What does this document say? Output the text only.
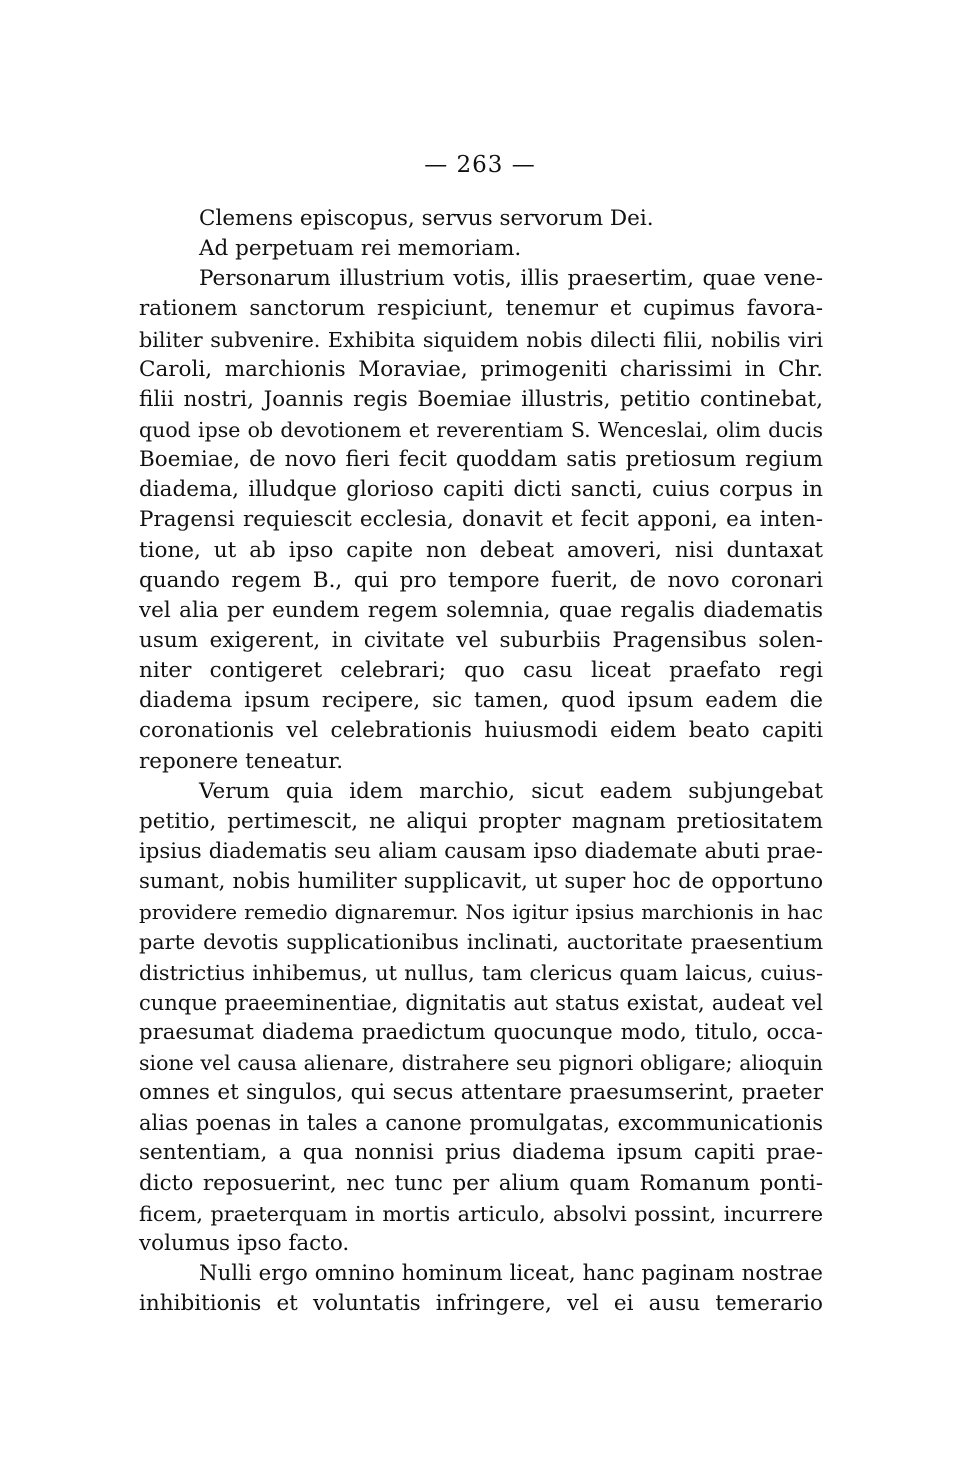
— 263 —
Clemens episcopus, servus servorum Dei.
Ad perpetuam rei memoriam.
Personarum illustrium votis, illis praesertim, quae vene-
rationem sanctorum respiciunt, tenemur et cupimus favora-
biliter subvenire. Exhibita siquidem nobis dilecti filii, nobilis viri
Caroli, marchionis Moraviae, primogeniti charissimi in Chr.
filii nostri, Joannis regis Boemiae illustris, petitio continebat,
quod ipse ob devotionem et reverentiam S. Wenceslai, olim ducis
Boemiae, de novo fieri fecit quoddam satis pretiosum regium
diadema, illudque glorioso capiti dicti sancti, cuius corpus in
Pragensi requiescit ecclesia, donavit et fecit apponi, ea inten-
tione, ut ab ipso capite non debeat amoveri, nisi duntaxat
quando regem B., qui pro tempore fuerit, de novo coronari
vel alia per eundem regem solemnia, quae regalis diadematis
usum exigerent, in civitate vel suburbiis Pragensibus solen-
niter contigeret celebrari; quo casu liceat praefato regi
diadema ipsum recipere, sic tamen, quod ipsum eadem die
coronationis vel celebrationis huiusmodi eidem beato capiti
reponere teneatur.
Verum quia idem marchio, sicut eadem subjungebat
petitio, pertimescit, ne aliqui propter magnam pretiositatem
ipsius diadematis seu aliam causam ipso diademate abuti prae-
sumant, nobis humiliter supplicavit, ut super hoc de opportuno
providere remedio dignaremur. Nos igitur ipsius marchionis in hac
parte devotis supplicationibus inclinati, auctoritate praesentium
districtius inhibemus, ut nullus, tam clericus quam laicus, cuius-
cunque praeeminentiae, dignitatis aut status existat, audeat vel
praesumat diadema praedictum quocunque modo, titulo, occa-
sione vel causa alienare, distrahere seu pignori obligare; alioquin
omnes et singulos, qui secus attentare praesumserint, praeter
alias poenas in tales a canone promulgatas, excommunicationis
sententiam, a qua nonnisi prius diadema ipsum capiti prae-
dicto reposuerint, nec tunc per alium quam Romanum ponti-
ficem, praeterquam in mortis articulo, absolvi possint, incurrere
volumus ipso facto.
Nulli ergo omnino hominum liceat, hanc paginam nostrae
inhibitionis et voluntatis infringere, vel ei ausu temerario
